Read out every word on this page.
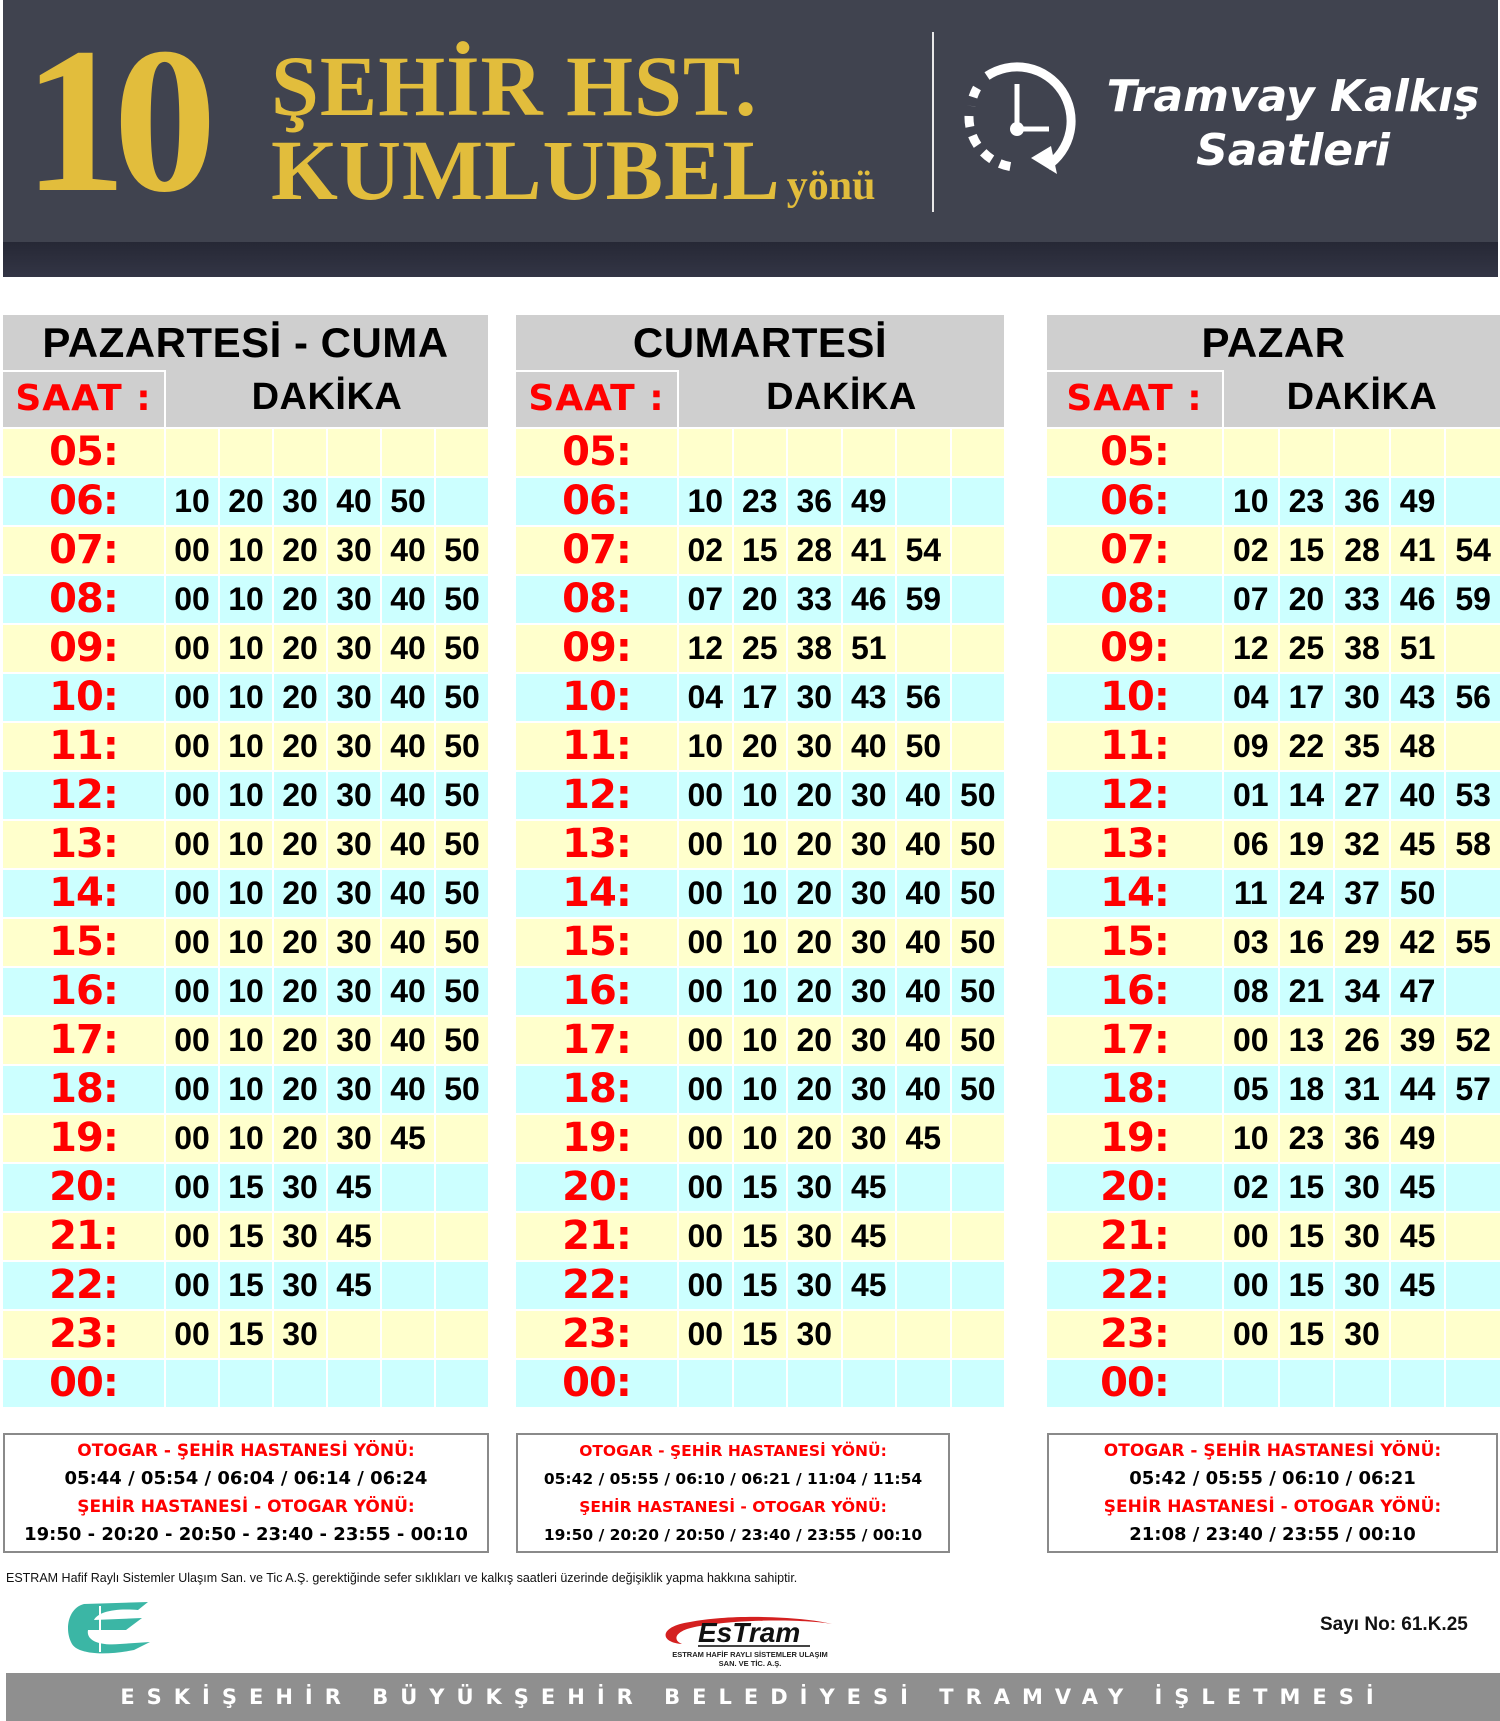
10 ŞEHİR HST.
KUMLUBEL yönü
Tramvay Kalkış
Saatleri
PAZARTESİ - CUMA
SAAT :	DAKİKA
05:
06:	10 20 30 40 50
07:	00 10 20 30 40 50
08:	00 10 20 30 40 50
09:	00 10 20 30 40 50
10:	00 10 20 30 40 50
11:	00 10 20 30 40 50
12:	00 10 20 30 40 50
13:	00 10 20 30 40 50
14:	00 10 20 30 40 50
15:	00 10 20 30 40 50
16:	00 10 20 30 40 50
17:	00 10 20 30 40 50
18:	00 10 20 30 40 50
19:	00 10 20 30 45
20:	00 15 30 45
21:	00 15 30 45
22:	00 15 30 45
23:	00 15 30
00:
CUMARTESİ
SAAT :	DAKİKA
05:
06:	10 23 36 49
07:	02 15 28 41 54
08:	07 20 33 46 59
09:	12 25 38 51
10:	04 17 30 43 56
11:	10 20 30 40 50
12:	00 10 20 30 40 50
13:	00 10 20 30 40 50
14:	00 10 20 30 40 50
15:	00 10 20 30 40 50
16:	00 10 20 30 40 50
17:	00 10 20 30 40 50
18:	00 10 20 30 40 50
19:	00 10 20 30 45
20:	00 15 30 45
21:	00 15 30 45
22:	00 15 30 45
23:	00 15 30
00:
PAZAR
SAAT :	DAKİKA
05:
06:	10 23 36 49
07:	02 15 28 41 54
08:	07 20 33 46 59
09:	12 25 38 51
10:	04 17 30 43 56
11:	09 22 35 48
12:	01 14 27 40 53
13:	06 19 32 45 58
14:	11 24 37 50
15:	03 16 29 42 55
16:	08 21 34 47
17:	00 13 26 39 52
18:	05 18 31 44 57
19:	10 23 36 49
20:	02 15 30 45
21:	00 15 30 45
22:	00 15 30 45
23:	00 15 30
00:

OTOGAR - ŞEHİR HASTANESİ YÖNÜ:

05:44 / 05:54 / 06:04 / 06:14 / 06:24

ŞEHİR HASTANESİ - OTOGAR YÖNÜ:

19:50 - 20:20 - 20:50 - 23:40 - 23:55 - 00:10

OTOGAR - ŞEHİR HASTANESİ YÖNÜ:

05:42 / 05:55 / 06:10 / 06:21 / 11:04 / 11:54

ŞEHİR HASTANESİ - OTOGAR YÖNÜ:

19:50 / 20:20 / 20:50 / 23:40 / 23:55 / 00:10

OTOGAR - ŞEHİR HASTANESİ YÖNÜ:

05:42 / 05:55 / 06:10 / 06:21

ŞEHİR HASTANESİ - OTOGAR YÖNÜ:

21:08 / 23:40 / 23:55 / 00:10

ESTRAM Hafif Raylı Sistemler Ulaşım San. ve Tic A.Ş. gerektiğinde sefer sıklıkları ve kalkış saatleri üzerinde değişiklik yapma hakkına sahiptir.
EsTram
ESTRAM HAFİF RAYLI SİSTEMLER ULAŞIM
SAN. VE TİC. A.Ş.
Sayı No: 61.K.25
ESKİŞEHİR BÜYÜKŞEHİR BELEDİYESİ TRAMVAY İŞLETMESİ
